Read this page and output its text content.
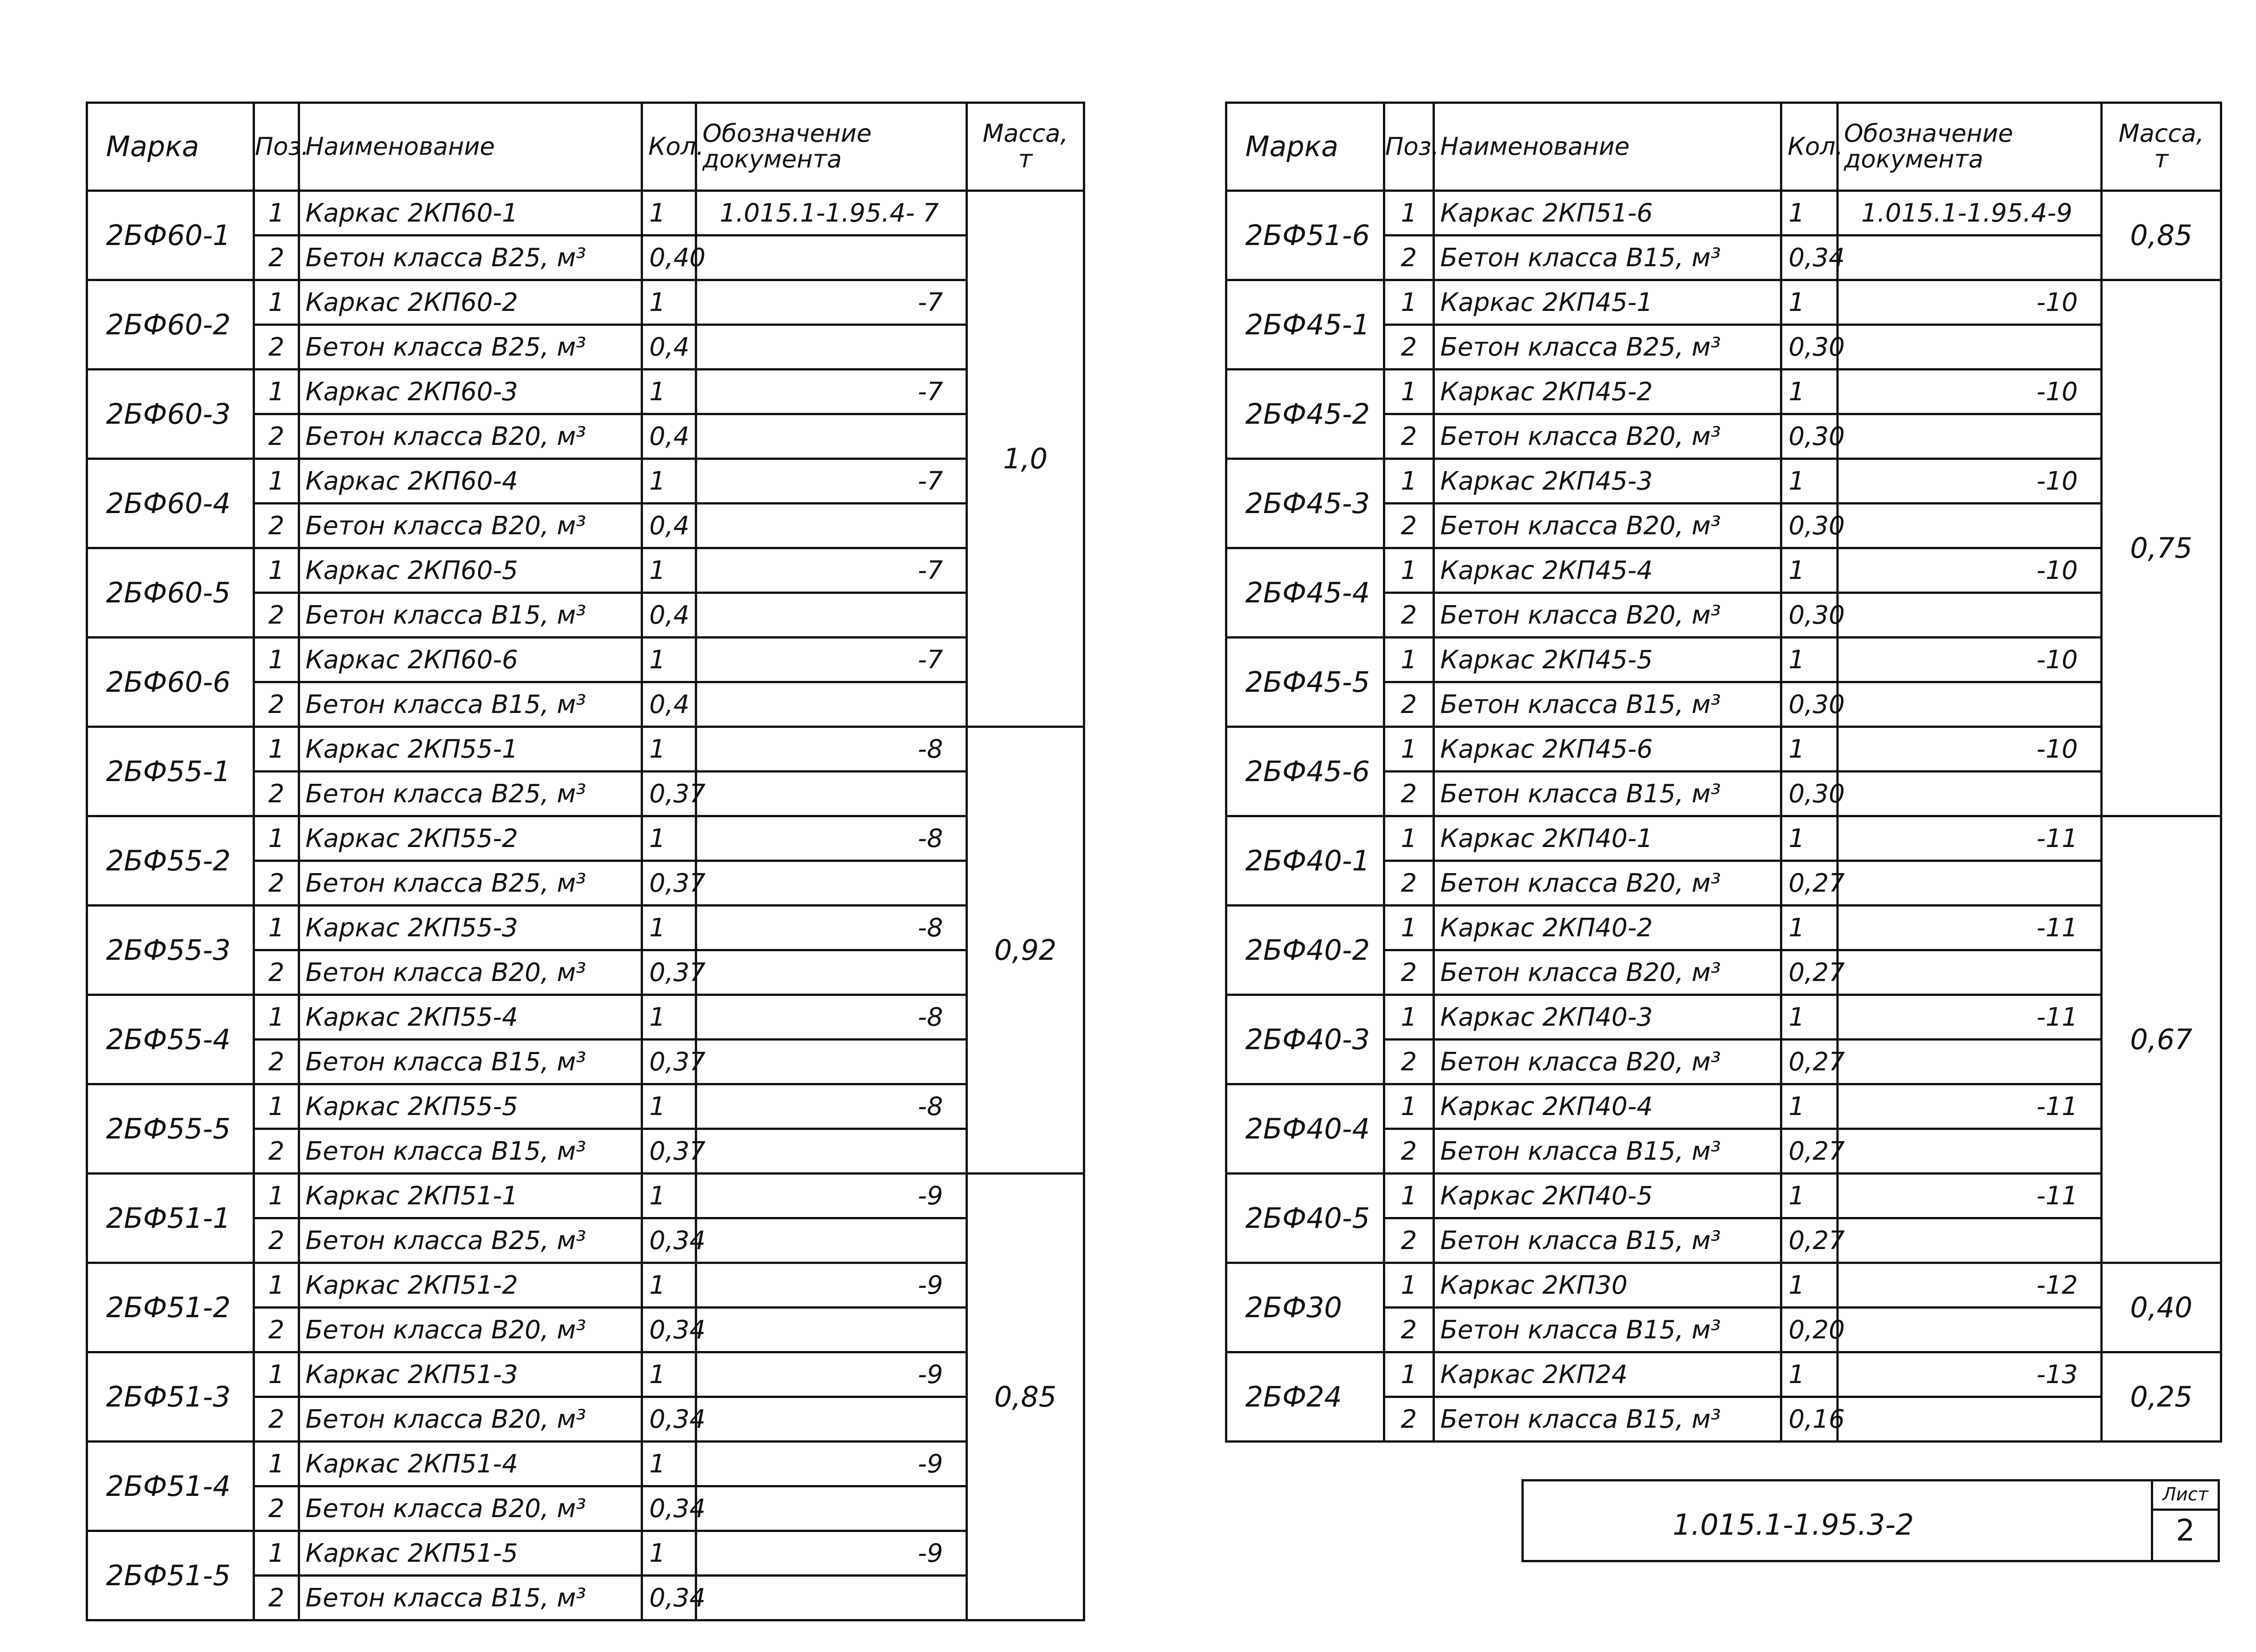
Марка	Поз.	Наименование	Кол.	Обозначение документа	Масса, т
2БФ60-1	1	Каркас 2КП60-1	1	1.015.1-1.95.4- 7	1,0
	2	Бетон класса B25, м³	0,40		
2БФ60-2	1	Каркас 2КП60-2	1	-7	
	2	Бетон класса B25, м³	0,4		
2БФ60-3	1	Каркас 2КП60-3	1	-7	
	2	Бетон класса B20, м³	0,4		
2БФ60-4	1	Каркас 2КП60-4	1	-7	
	2	Бетон класса B20, м³	0,4		
2БФ60-5	1	Каркас 2КП60-5	1	-7	
	2	Бетон класса B15, м³	0,4		
2БФ60-6	1	Каркас 2КП60-6	1	-7	
	2	Бетон класса B15, м³	0,4		
2БФ55-1	1	Каркас 2КП55-1	1	-8	0,92
	2	Бетон класса B25, м³	0,37		
2БФ55-2	1	Каркас 2КП55-2	1	-8	
	2	Бетон класса B25, м³	0,37		
2БФ55-3	1	Каркас 2КП55-3	1	-8	
	2	Бетон класса B20, м³	0,37		
2БФ55-4	1	Каркас 2КП55-4	1	-8	
	2	Бетон класса B15, м³	0,37		
2БФ55-5	1	Каркас 2КП55-5	1	-8	
	2	Бетон класса B15, м³	0,37		
2БФ51-1	1	Каркас 2КП51-1	1	-9	0,85
	2	Бетон класса B25, м³	0,34		
2БФ51-2	1	Каркас 2КП51-2	1	-9	
	2	Бетон класса B20, м³	0,34		
2БФ51-3	1	Каркас 2КП51-3	1	-9	
	2	Бетон класса B20, м³	0,34		
2БФ51-4	1	Каркас 2КП51-4	1	-9	
	2	Бетон класса B20, м³	0,34		
2БФ51-5	1	Каркас 2КП51-5	1	-9	
	2	Бетон класса B15, м³	0,34		
Марка	Поз.	Наименование	Кол.	Обозначение документа	Масса, т
2БФ51-6	1	Каркас 2КП51-6	1	1.015.1-1.95.4-9	0,85
	2	Бетон класса B15, м³	0,34		
2БФ45-1	1	Каркас 2КП45-1	1	-10	0,75
	2	Бетон класса B25, м³	0,30		
2БФ45-2	1	Каркас 2КП45-2	1	-10	
	2	Бетон класса B20, м³	0,30		
2БФ45-3	1	Каркас 2КП45-3	1	-10	
	2	Бетон класса B20, м³	0,30		
2БФ45-4	1	Каркас 2КП45-4	1	-10	
	2	Бетон класса B20, м³	0,30		
2БФ45-5	1	Каркас 2КП45-5	1	-10	
	2	Бетон класса B15, м³	0,30		
2БФ45-6	1	Каркас 2КП45-6	1	-10	
	2	Бетон класса B15, м³	0,30		
2БФ40-1	1	Каркас 2КП40-1	1	-11	0,67
	2	Бетон класса B20, м³	0,27		
2БФ40-2	1	Каркас 2КП40-2	1	-11	
	2	Бетон класса B20, м³	0,27		
2БФ40-3	1	Каркас 2КП40-3	1	-11	
	2	Бетон класса B20, м³	0,27		
2БФ40-4	1	Каркас 2КП40-4	1	-11	
	2	Бетон класса B15, м³	0,27		
2БФ40-5	1	Каркас 2КП40-5	1	-11	
	2	Бетон класса B15, м³	0,27		
2БФ30	1	Каркас 2КП30	1	-12	0,40
	2	Бетон класса B15, м³	0,20		
2БФ24	1	Каркас 2КП24	1	-13	0,25
	2	Бетон класса B15, м³	0,16		
1.015.1-1.95.3-2
Лист
2
